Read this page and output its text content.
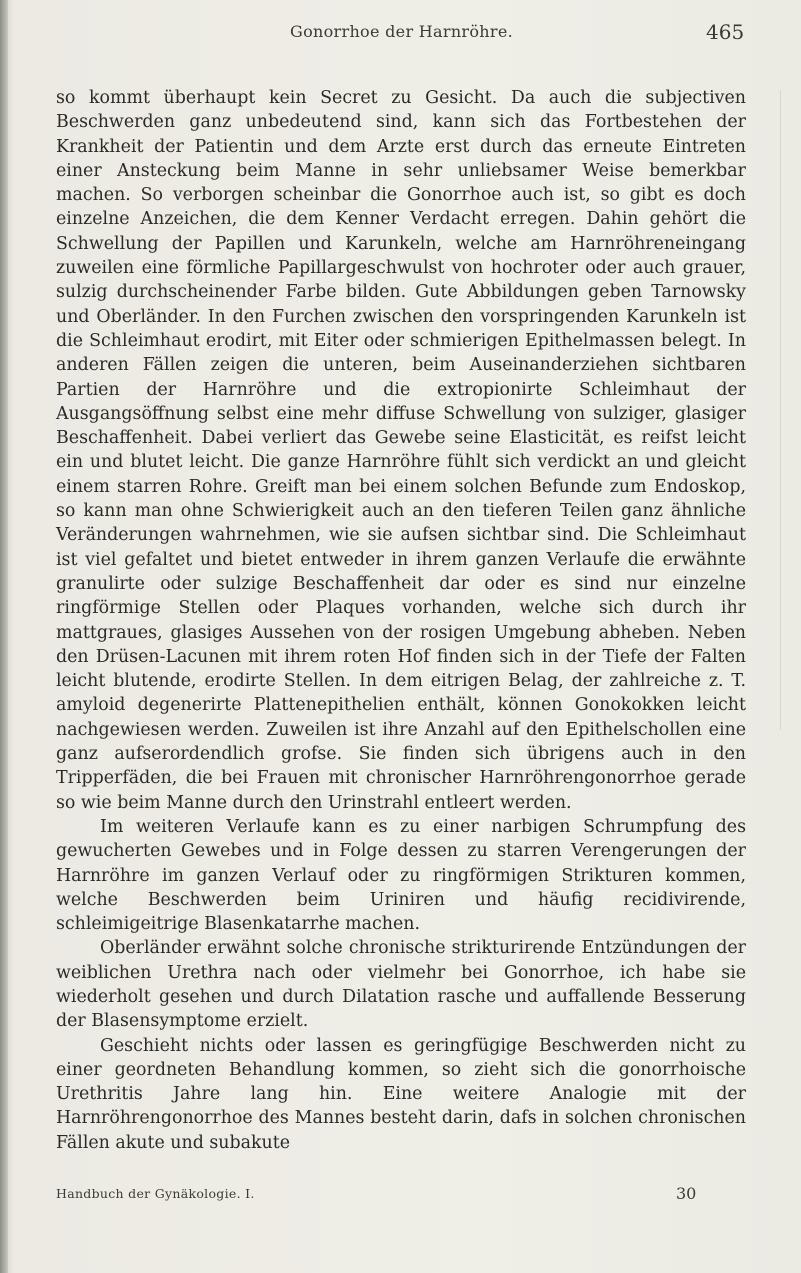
Gonorrhoe der Harnröhre.	465

so kommt überhaupt kein Secret zu Gesicht. Da auch die subjectiven Beschwerden ganz unbedeutend sind, kann sich das Fortbestehen der Krankheit der Patientin und dem Arzte erst durch das erneute Eintreten einer Ansteckung beim Manne in sehr unliebsamer Weise bemerkbar machen. So verborgen scheinbar die Gonorrhoe auch ist, so gibt es doch einzelne Anzeichen, die dem Kenner Verdacht erregen. Dahin gehört die Schwellung der Papillen und Karunkeln, welche am Harnröhreneingang zuweilen eine förmliche Papillargeschwulst von hochroter oder auch grauer, sulzig durchscheinender Farbe bilden. Gute Abbildungen geben Tarnowsky und Oberländer. In den Furchen zwischen den vorspringenden Karunkeln ist die Schleimhaut erodirt, mit Eiter oder schmierigen Epithelmassen belegt. In anderen Fällen zeigen die unteren, beim Auseinanderziehen sichtbaren Partien der Harnröhre und die extropionirte Schleimhaut der Ausgangsöffnung selbst eine mehr diffuse Schwellung von sulziger, glasiger Beschaffenheit. Dabei verliert das Gewebe seine Elasticität, es reifst leicht ein und blutet leicht. Die ganze Harnröhre fühlt sich verdickt an und gleicht einem starren Rohre. Greift man bei einem solchen Befunde zum Endoskop, so kann man ohne Schwierigkeit auch an den tieferen Teilen ganz ähnliche Veränderungen wahrnehmen, wie sie aufsen sichtbar sind. Die Schleimhaut ist viel gefaltet und bietet entweder in ihrem ganzen Verlaufe die erwähnte granulirte oder sulzige Beschaffenheit dar oder es sind nur einzelne ringförmige Stellen oder Plaques vorhanden, welche sich durch ihr mattgraues, glasiges Aussehen von der rosigen Umgebung abheben. Neben den Drüsen-Lacunen mit ihrem roten Hof finden sich in der Tiefe der Falten leicht blutende, erodirte Stellen. In dem eitrigen Belag, der zahlreiche z. T. amyloid degenerirte Plattenepithelien enthält, können Gonokokken leicht nachgewiesen werden. Zuweilen ist ihre Anzahl auf den Epithelschollen eine ganz aufserordendlich grofse. Sie finden sich übrigens auch in den Tripperfäden, die bei Frauen mit chronischer Harnröhrengonorrhoe gerade so wie beim Manne durch den Urinstrahl entleert werden.

Im weiteren Verlaufe kann es zu einer narbigen Schrumpfung des gewucherten Gewebes und in Folge dessen zu starren Verengerungen der Harnröhre im ganzen Verlauf oder zu ringförmigen Strikturen kommen, welche Beschwerden beim Uriniren und häufig recidivirende, schleimigeitrige Blasenkatarrhe machen.

Oberländer erwähnt solche chronische strikturirende Entzündungen der weiblichen Urethra nach oder vielmehr bei Gonorrhoe, ich habe sie wiederholt gesehen und durch Dilatation rasche und auffallende Besserung der Blasensymptome erzielt.

Geschieht nichts oder lassen es geringfügige Beschwerden nicht zu einer geordneten Behandlung kommen, so zieht sich die gonorrhoische Urethritis Jahre lang hin. Eine weitere Analogie mit der Harnröhrengonorrhoe des Mannes besteht darin, dafs in solchen chronischen Fällen akute und subakute

Handbuch der Gynäkologie. I.	30
